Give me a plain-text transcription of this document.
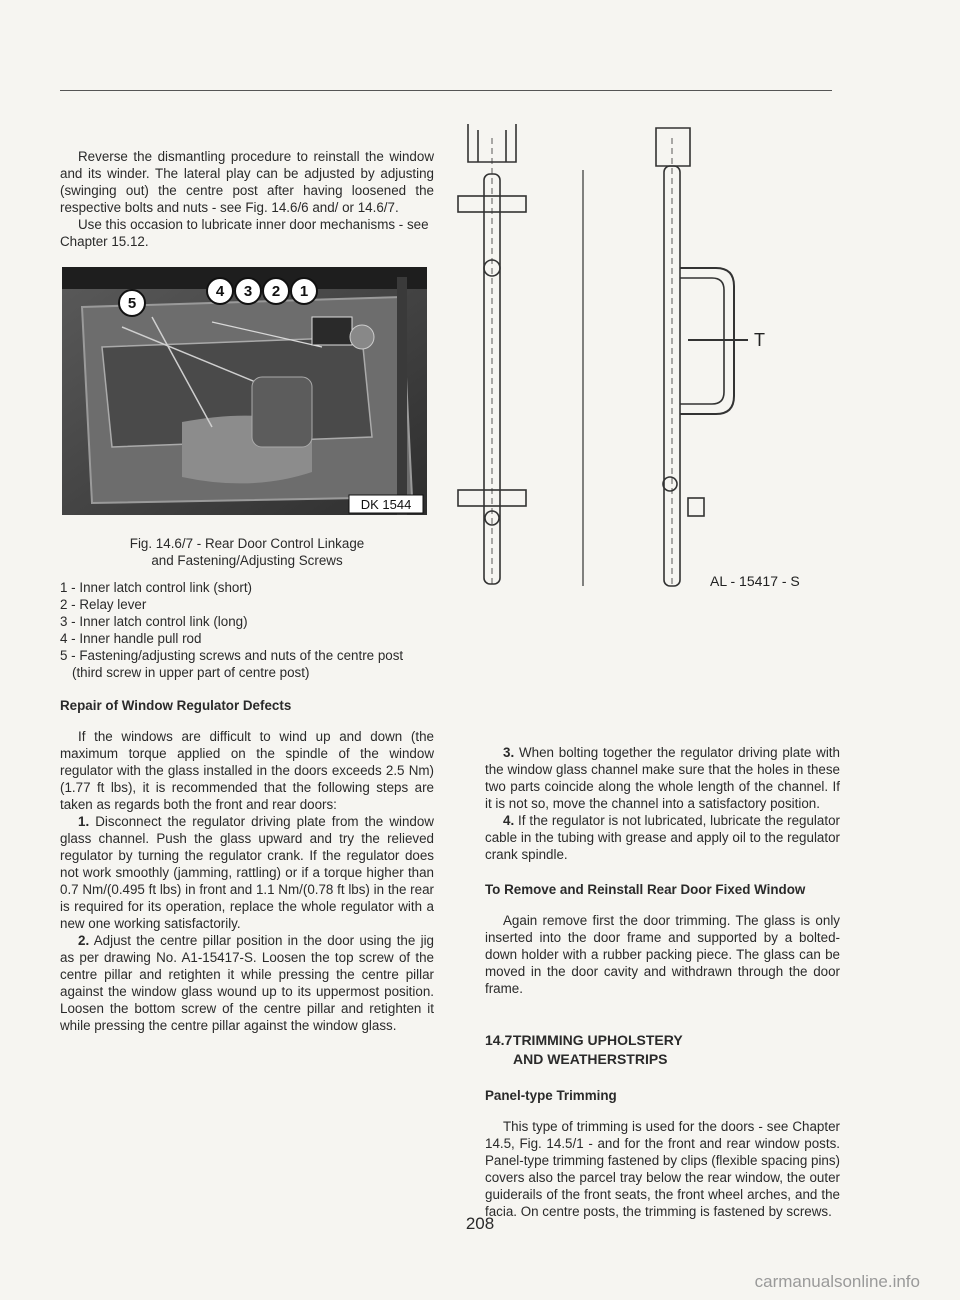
Reverse the dismantling procedure to reinstall the window and its winder. The lateral play can be adjusted by adjusting (swinging out) the centre post after having loosened the respective bolts and nuts - see Fig. 14.6/6 and/ or 14.6/7.

Use this occasion to lubricate inner door mechanisms - see Chapter 15.12.

5
4 3 2 1
DK 1544
Fig. 14.6/7 - Rear Door Control Linkage
and Fastening/Adjusting Screws
1 - Inner latch control link (short)
2 - Relay lever
3 - Inner latch control link (long)
4 - Inner handle pull rod
5 - Fastening/adjusting screws and nuts of the centre post
(third screw in upper part of centre post)

Repair of Window Regulator Defects

If the windows are difficult to wind up and down (the maximum torque applied on the spindle of the window regulator with the glass installed in the doors exceeds 2.5 Nm) (1.77 ft lbs), it is recommended that the following steps are taken as regards both the front and rear doors:

1. Disconnect the regulator driving plate from the window glass channel. Push the glass upward and try the relieved regulator by turning the regulator crank. If the regulator does not work smoothly (jamming, rattling) or if a torque higher than 0.7 Nm/(0.495 ft lbs) in front and 1.1 Nm/(0.78 ft lbs) in the rear is required for its operation, replace the whole regulator with a new one working satisfactorily.

2. Adjust the centre pillar position in the door using the jig as per drawing No. A1-15417-S. Loosen the top screw of the centre pillar and retighten it while pressing the centre pillar against the window glass wound up to its uppermost position. Loosen the bottom screw of the centre pillar and retighten it while pressing the centre pillar against the window glass.

T
AL - 15417 - S

3. When bolting together the regulator driving plate with the window glass channel make sure that the holes in these two parts coincide along the whole length of the channel. If it is not so, move the channel into a satisfactory position.

4. If the regulator is not lubricated, lubricate the regulator cable in the tubing with grease and apply oil to the regulator crank spindle.

To Remove and Reinstall Rear Door Fixed Window

Again remove first the door trimming. The glass is only inserted into the door frame and supported by a bolted-down holder with a rubber packing piece. The glass can be moved in the door cavity and withdrawn through the door frame.

14.7 TRIMMING UPHOLSTERY
AND WEATHERSTRIPS

Panel-type Trimming

This type of trimming is used for the doors - see Chapter 14.5, Fig. 14.5/1 - and for the front and rear window posts. Panel-type trimming fastened by clips (flexible spacing pins) covers also the parcel tray below the rear window, the outer guiderails of the front seats, the front wheel arches, and the facia. On centre posts, the trimming is fastened by screws.

208
carmanualsonline.info
